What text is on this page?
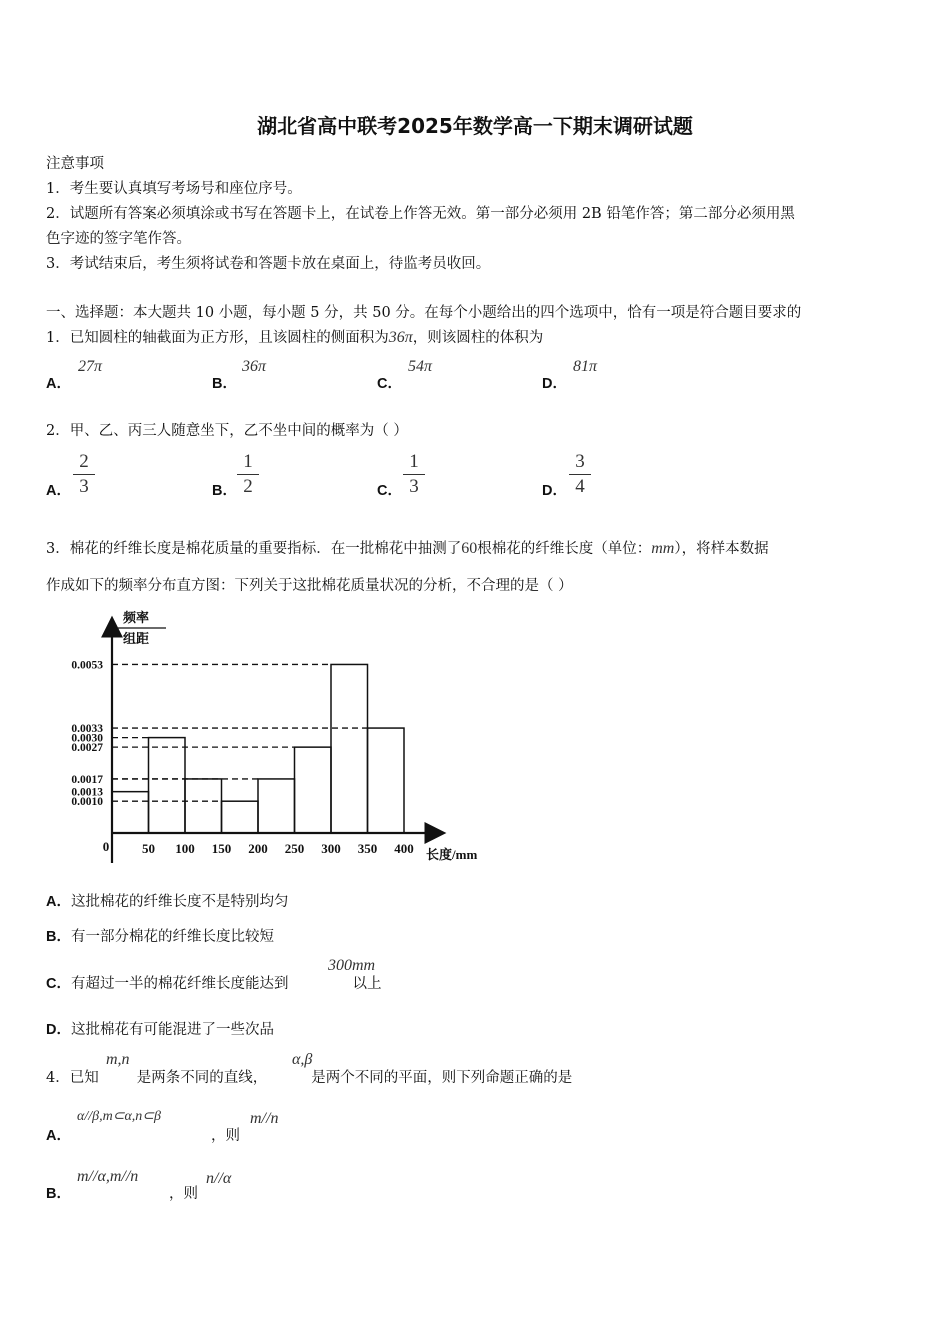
湖北省高中联考2025年数学高一下期末调研试题
注意事项
1．考生要认真填写考场号和座位序号。
2．试题所有答案必须填涂或书写在答题卡上，在试卷上作答无效。第一部分必须用 2B 铅笔作答；第二部分必须用黑
色字迹的签字笔作答。
3．考试结束后，考生须将试卷和答题卡放在桌面上，待监考员收回。
一、选择题：本大题共 10 小题，每小题 5 分，共 50 分。在每个小题给出的四个选项中，恰有一项是符合题目要求的
1．已知圆柱的轴截面为正方形，且该圆柱的侧面积为36π，则该圆柱的体积为
A．
27π
B．
36π
C．
54π
D．
81π
2．甲、乙、丙三人随意坐下，乙不坐中间的概率为（ ）
A．
2
3	B．
1
2	C．
1
3	D．
3
4
3．棉花的纤维长度是棉花质量的重要指标．在一批棉花中抽测了60根棉花的纤维长度（单位：mm），将样本数据
作成如下的频率分布直方图：下列关于这批棉花质量状况的分析，不合理的是（ ）
0.0053
0.0033
0.0030
0.0027
0.0017
0.0013
0.0010
50 100 150 200 250 300 350 400
0
长度/mm
频率
组距
A．这批棉花的纤维长度不是特别均匀
B．有一部分棉花的纤维长度比较短
C．有超过一半的棉花纤维长度能达到	以上
300mm
D．这批棉花有可能混进了一些次品
4．已知	是两条不同的直线，	是两个不同的平面，则下列命题正确的是
m,n	α,β
A．	，则
α//β,m⊂α,n⊂β	m//n
B．	，则
m//α,m//n	n//α
